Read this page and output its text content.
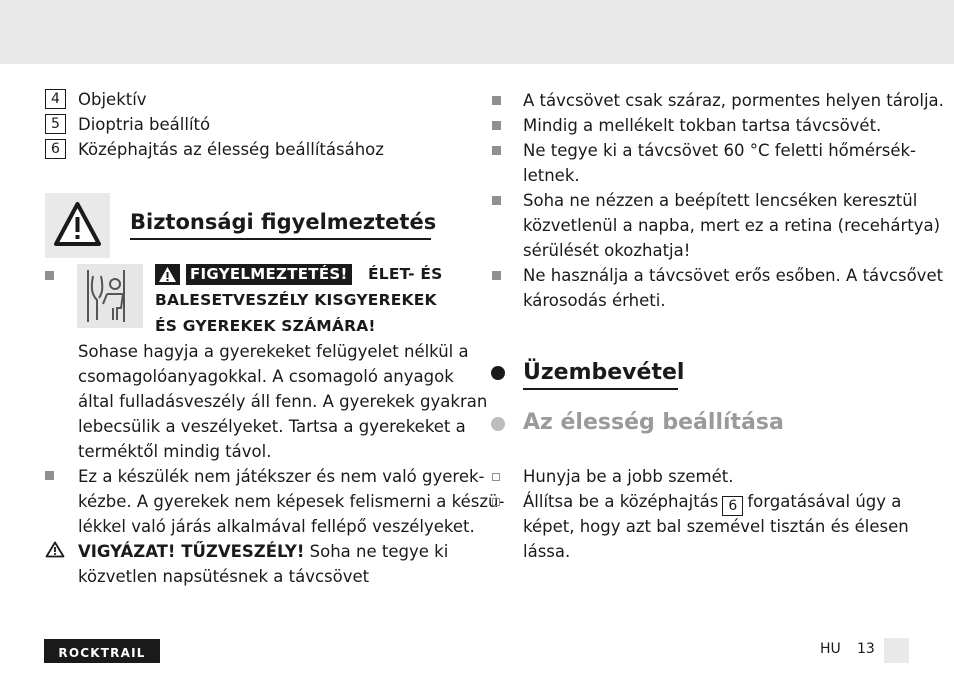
4	Objektív
5	Dioptria beállító
6	Középhajtás az élesség beállításához
Biztonsági figyelmeztetés
FIGYELMEZTETÉS! ÉLET- ÉS
BALESETVESZÉLY KISGYEREKEK
ÉS GYEREKEK SZÁMÁRA!
Sohase hagyja a gyerekeket felügyelet nélkül a
csomagolóanyagokkal. A csomagoló anyagok
által fulladásveszély áll fenn. A gyerekek gyakran
lebecsülik a veszélyeket. Tartsa a gyerekeket a
terméktől mindig távol.
Ez a készülék nem játékszer és nem való gyerek-
kézbe. A gyerekek nem képesek felismerni a készü-
lékkel való járás alkalmával fellépő veszélyeket.
VIGYÁZAT! TŰZVESZÉLY! Soha ne tegye ki
közvetlen napsütésnek a távcsövet
A távcsövet csak száraz, pormentes helyen tárolja.
Mindig a mellékelt tokban tartsa távcsövét.
Ne tegye ki a távcsövet 60 °C feletti hőmérsék-
letnek.
Soha ne nézzen a beépített lencséken keresztül
közvetlenül a napba, mert ez a retina (recehártya)
sérülését okozhatja!
Ne használja a távcsövet erős esőben. A távcsővet
károsodás érheti.
Üzembevétel
Az élesség beállítása
Hunyja be a jobb szemét.
Állítsa be a középhajtás 6 forgatásával úgy a
képet, hogy azt bal szemével tisztán és élesen
lássa.
ROCKTRAIL	HU 13
